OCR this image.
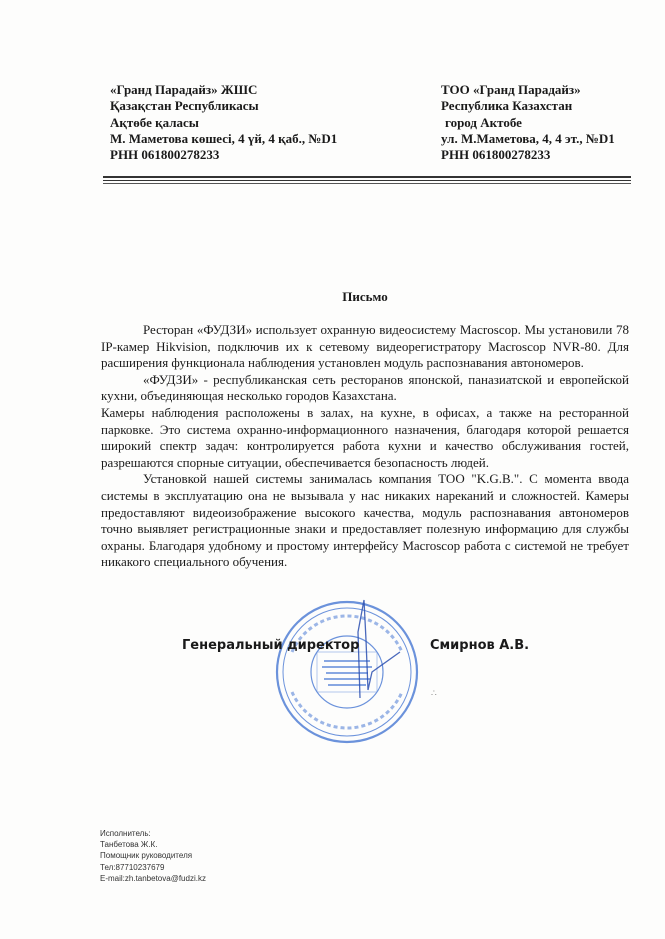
«Гранд Парадайз» ЖШС
Қазақстан Республикасы
Ақтөбе қаласы
М. Маметова көшесі, 4 үй, 4 қаб., №D1
РНН 061800278233
ТОО «Гранд Парадайз»
Республика Казахстан
город Актобе
ул. М.Маметова, 4, 4 эт., №D1
РНН 061800278233
Письмо

Ресторан «ФУДЗИ» использует охранную видеосистему Macroscop. Мы установили 78 IP-камер Hikvision, подключив их к сетевому видеорегистратору Macroscop NVR-80. Для расширения функционала наблюдения установлен модуль распознавания автономеров.

«ФУДЗИ» - республиканская сеть ресторанов японской, паназиатской и европейской кухни, объединяющая несколько городов Казахстана.

Камеры наблюдения расположены в залах, на кухне, в офисах, а также на ресторанной парковке. Это система охранно-информационного назначения, благодаря которой решается широкий спектр задач: контролируется работа кухни и качество обслуживания гостей, разрешаются спорные ситуации, обеспечивается безопасность людей.

Установкой нашей системы занималась компания ТОО "K.G.B.". С момента ввода системы в эксплуатацию она не вызывала у нас никаких нареканий и сложностей. Камеры предоставляют видеоизображение высокого качества, модуль распознавания автономеров точно выявляет регистрационные знаки и предоставляет полезную информацию для службы охраны. Благодаря удобному и простому интерфейсу Macroscop работа с системой не требует никакого специального обучения.

Генеральный директор	Смирнов А.В.
∴
Исполнитель:
Танбетова Ж.К.
Помощник руководителя
Тел:87710237679
E-mail:zh.tanbetova@fudzi.kz
